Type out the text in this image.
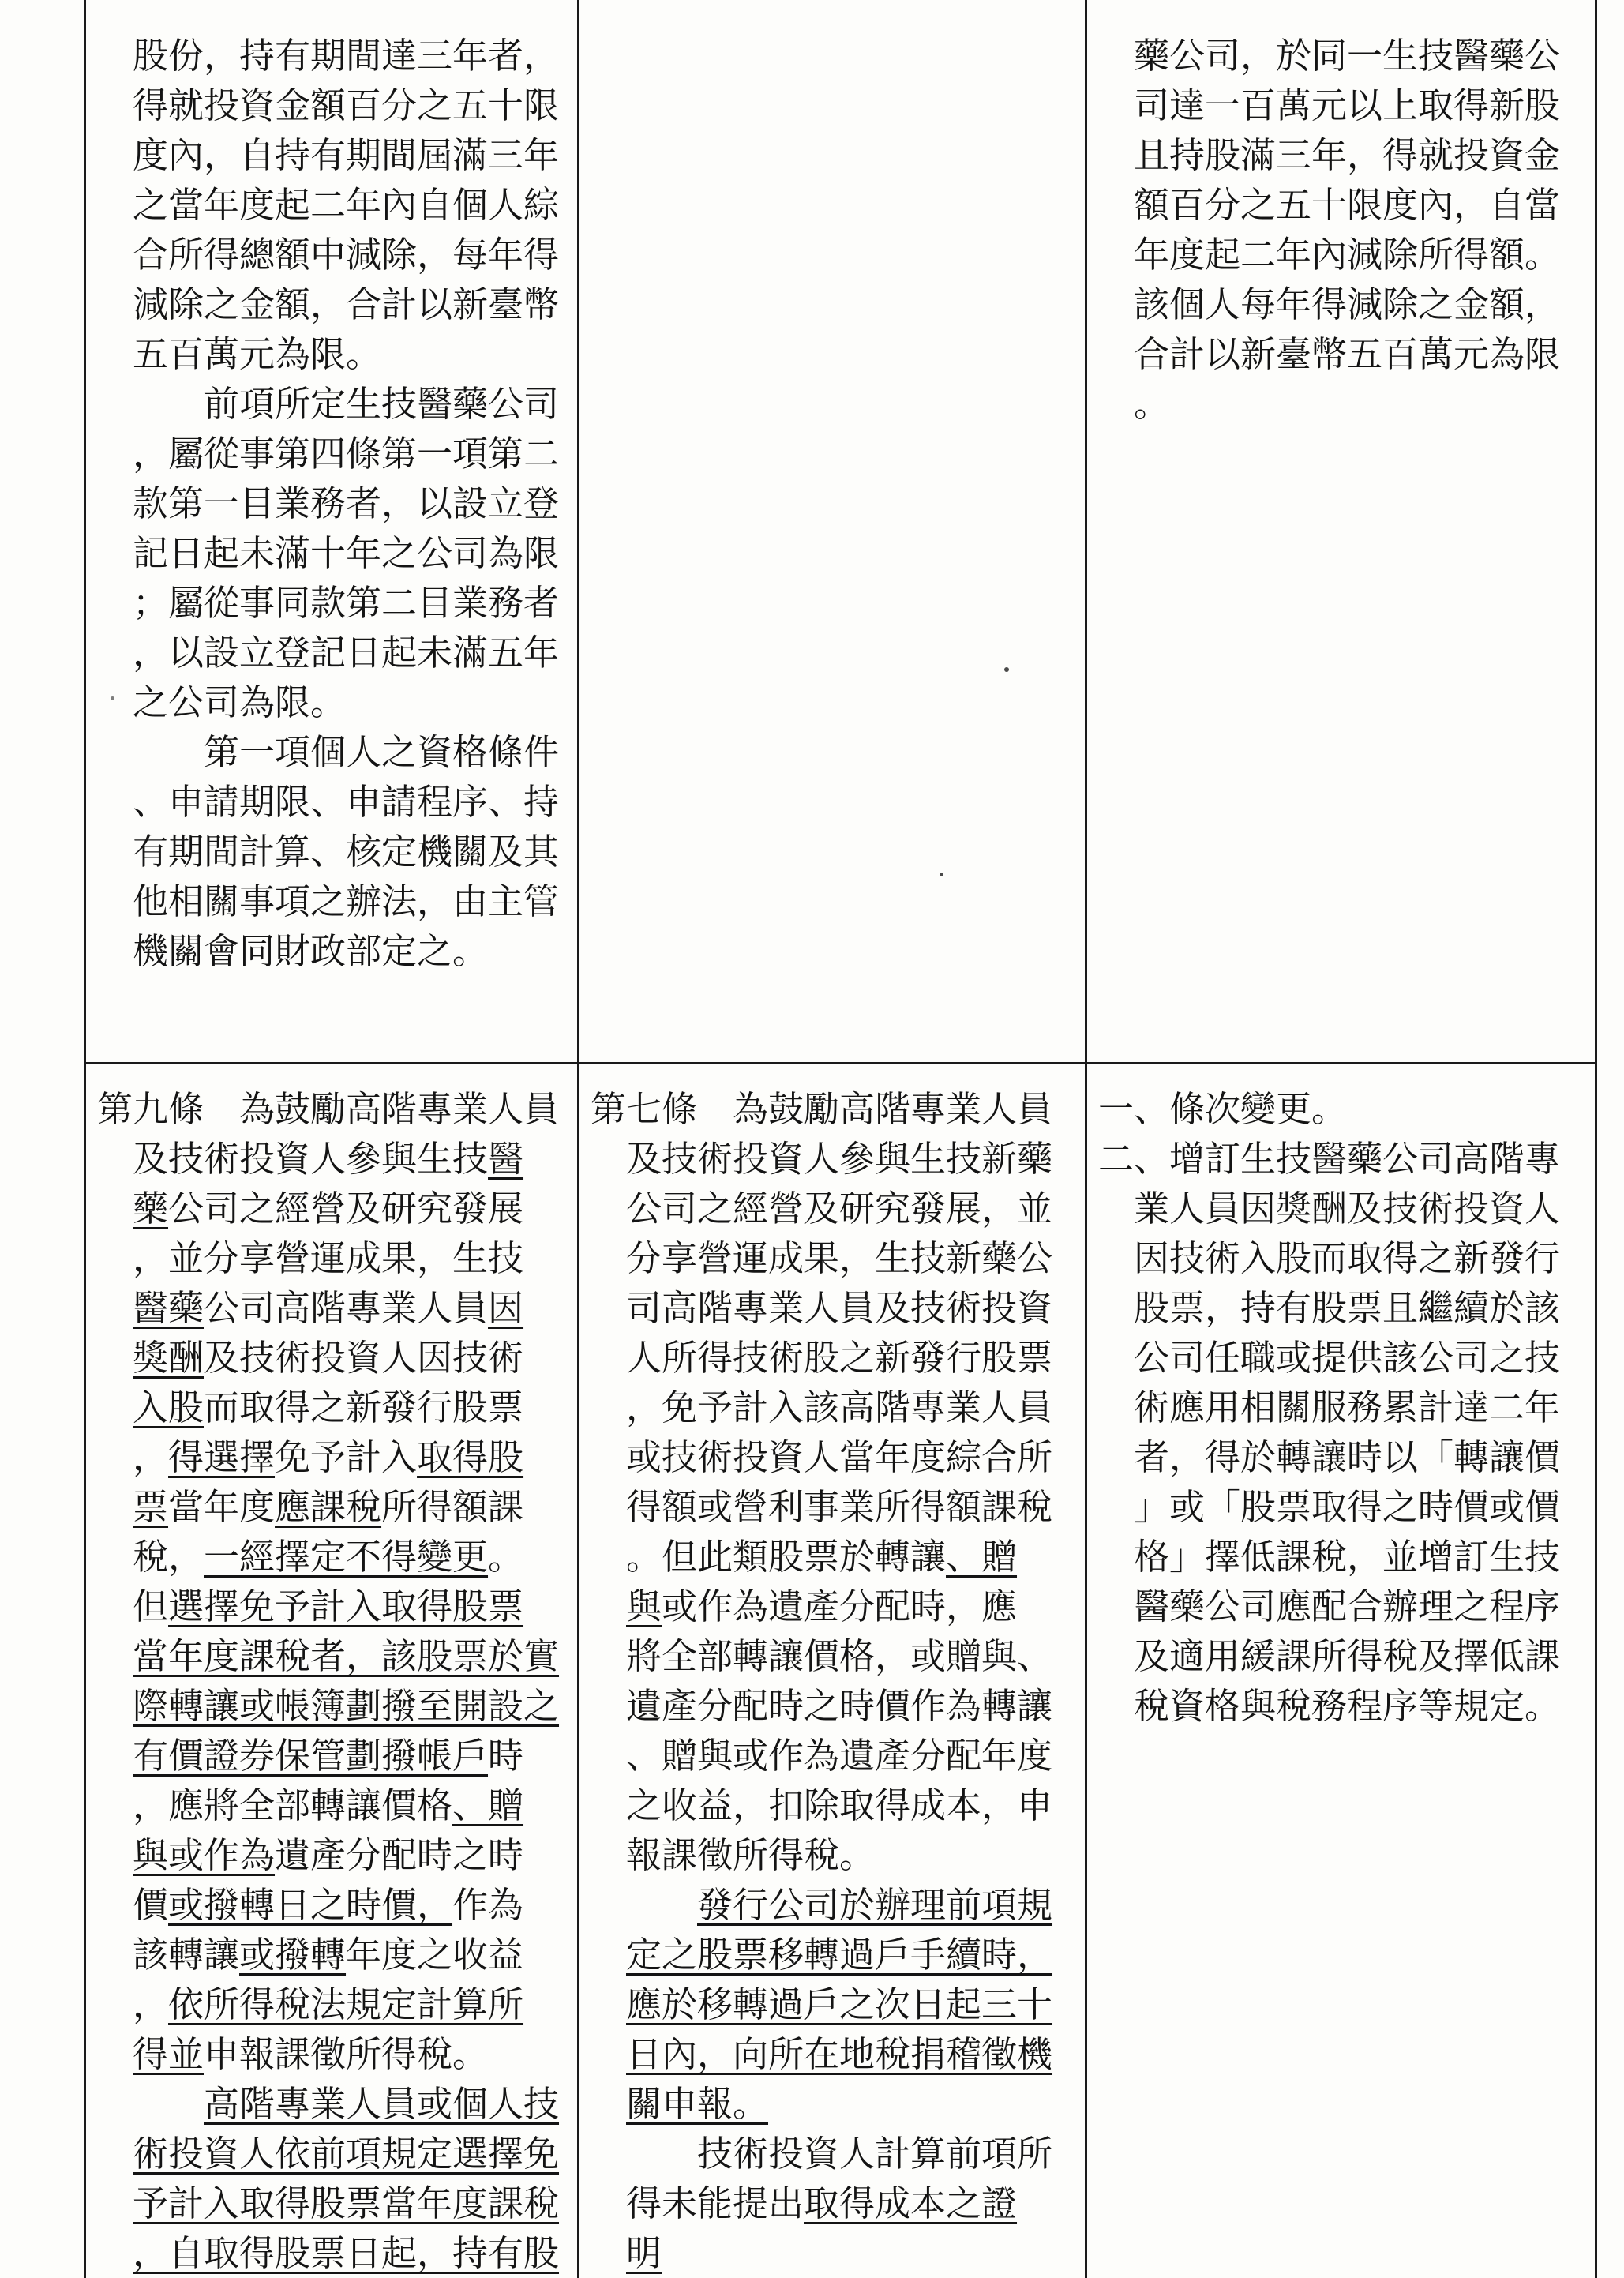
股份，持有期間達三年者，得就投資金額百分之五十限度內，自持有期間屆滿三年之當年度起二年內自個人綜合所得總額中減除，每年得減除之金額，合計以新臺幣五百萬元為限。

前項所定生技醫藥公司，屬從事第四條第一項第二款第一目業務者，以設立登記日起未滿十年之公司為限；屬從事同款第二目業務者，以設立登記日起未滿五年之公司為限。

第一項個人之資格條件、申請期限、申請程序、持有期間計算、核定機關及其他相關事項之辦法，由主管機關會同財政部定之。

藥公司，於同一生技醫藥公司達一百萬元以上取得新股且持股滿三年，得就投資金額百分之五十限度內，自當年度起二年內減除所得額。該個人每年得減除之金額，合計以新臺幣五百萬元為限。

第九條　為鼓勵高階專業人員及技術投資人參與生技醫藥公司之經營及研究發展，並分享營運成果，生技醫藥公司高階專業人員因獎酬及技術投資人因技術入股而取得之新發行股票，得選擇免予計入取得股票當年度應課稅所得額課稅，一經擇定不得變更。但選擇免予計入取得股票當年度課稅者，該股票於實際轉讓或帳簿劃撥至開設之有價證券保管劃撥帳戶時，應將全部轉讓價格、贈與或作為遺產分配時之時價或撥轉日之時價，作為該轉讓或撥轉年度之收益，依所得稅法規定計算所得並申報課徵所得稅。

高階專業人員或個人技術投資人依前項規定選擇免予計入取得股票當年度課稅，自取得股票日起，持有股

第七條　為鼓勵高階專業人員及技術投資人參與生技新藥公司之經營及研究發展，並分享營運成果，生技新藥公司高階專業人員及技術投資人所得技術股之新發行股票，免予計入該高階專業人員或技術投資人當年度綜合所得額或營利事業所得額課稅。但此類股票於轉讓、贈與或作為遺產分配時，應將全部轉讓價格，或贈與、遺產分配時之時價作為轉讓、贈與或作為遺產分配年度之收益，扣除取得成本，申報課徵所得稅。

發行公司於辦理前項規定之股票移轉過戶手續時，應於移轉過戶之次日起三十日內，向所在地稅捐稽徵機關申報。

技術投資人計算前項所得未能提出取得成本之證明

一、條次變更。

二、增訂生技醫藥公司高階專業人員因獎酬及技術投資人因技術入股而取得之新發行股票，持有股票且繼續於該公司任職或提供該公司之技術應用相關服務累計達二年者，得於轉讓時以「轉讓價」或「股票取得之時價或價格」擇低課稅，並增訂生技醫藥公司應配合辦理之程序及適用緩課所得稅及擇低課稅資格與稅務程序等規定。
